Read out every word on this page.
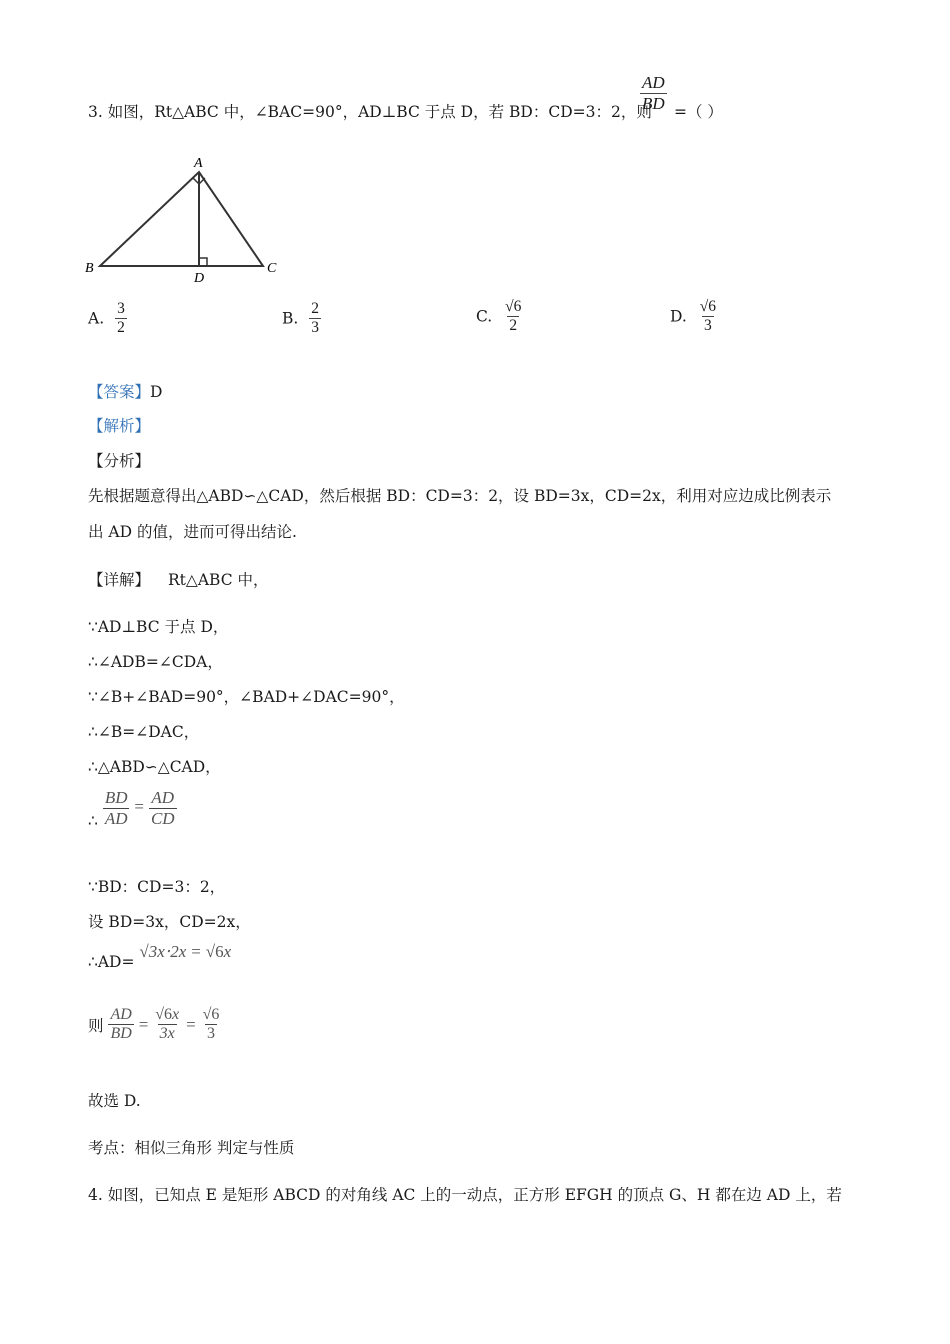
3. 如图，Rt△ABC 中，∠BAC=90°，AD⊥BC 于点 D，若 BD：CD=3：2，则
$\frac{AD}{BD}$ =（ ）
A
B	C
D
A. $\frac{3}{2}$	B. $\frac{2}{3}$	C. $\frac{√6}{2}$	D. $\frac{√6}{3}$
【答案】D
【解析】
【分析】
先根据题意得出△ABD∽△CAD，然后根据 BD：CD=3：2，设 BD=3x，CD=2x，利用对应边成比例表示
出 AD 的值，进而可得出结论.
【详解】 Rt△ABC 中，
∵AD⊥BC 于点 D，
∴∠ADB=∠CDA，
∵∠B+∠BAD=90°，∠BAD+∠DAC=90°，
∴∠B=∠DAC，
∴△ABD∽△CAD，
∴ $\frac{BD}{AD} = \frac{AD}{CD}$
∵BD：CD=3：2，
设 BD=3x，CD=2x，
∴AD= √3x⋅2x = √6x
则 $\frac{AD}{BD} = \frac{√6x}{3x} = \frac{√6}{3}$
故选 D.
考点：相似三角形 判定与性质
4. 如图，已知点 E 是矩形 ABCD 的对角线 AC 上的一动点，正方形 EFGH 的顶点 G、H 都在边 AD 上，若
